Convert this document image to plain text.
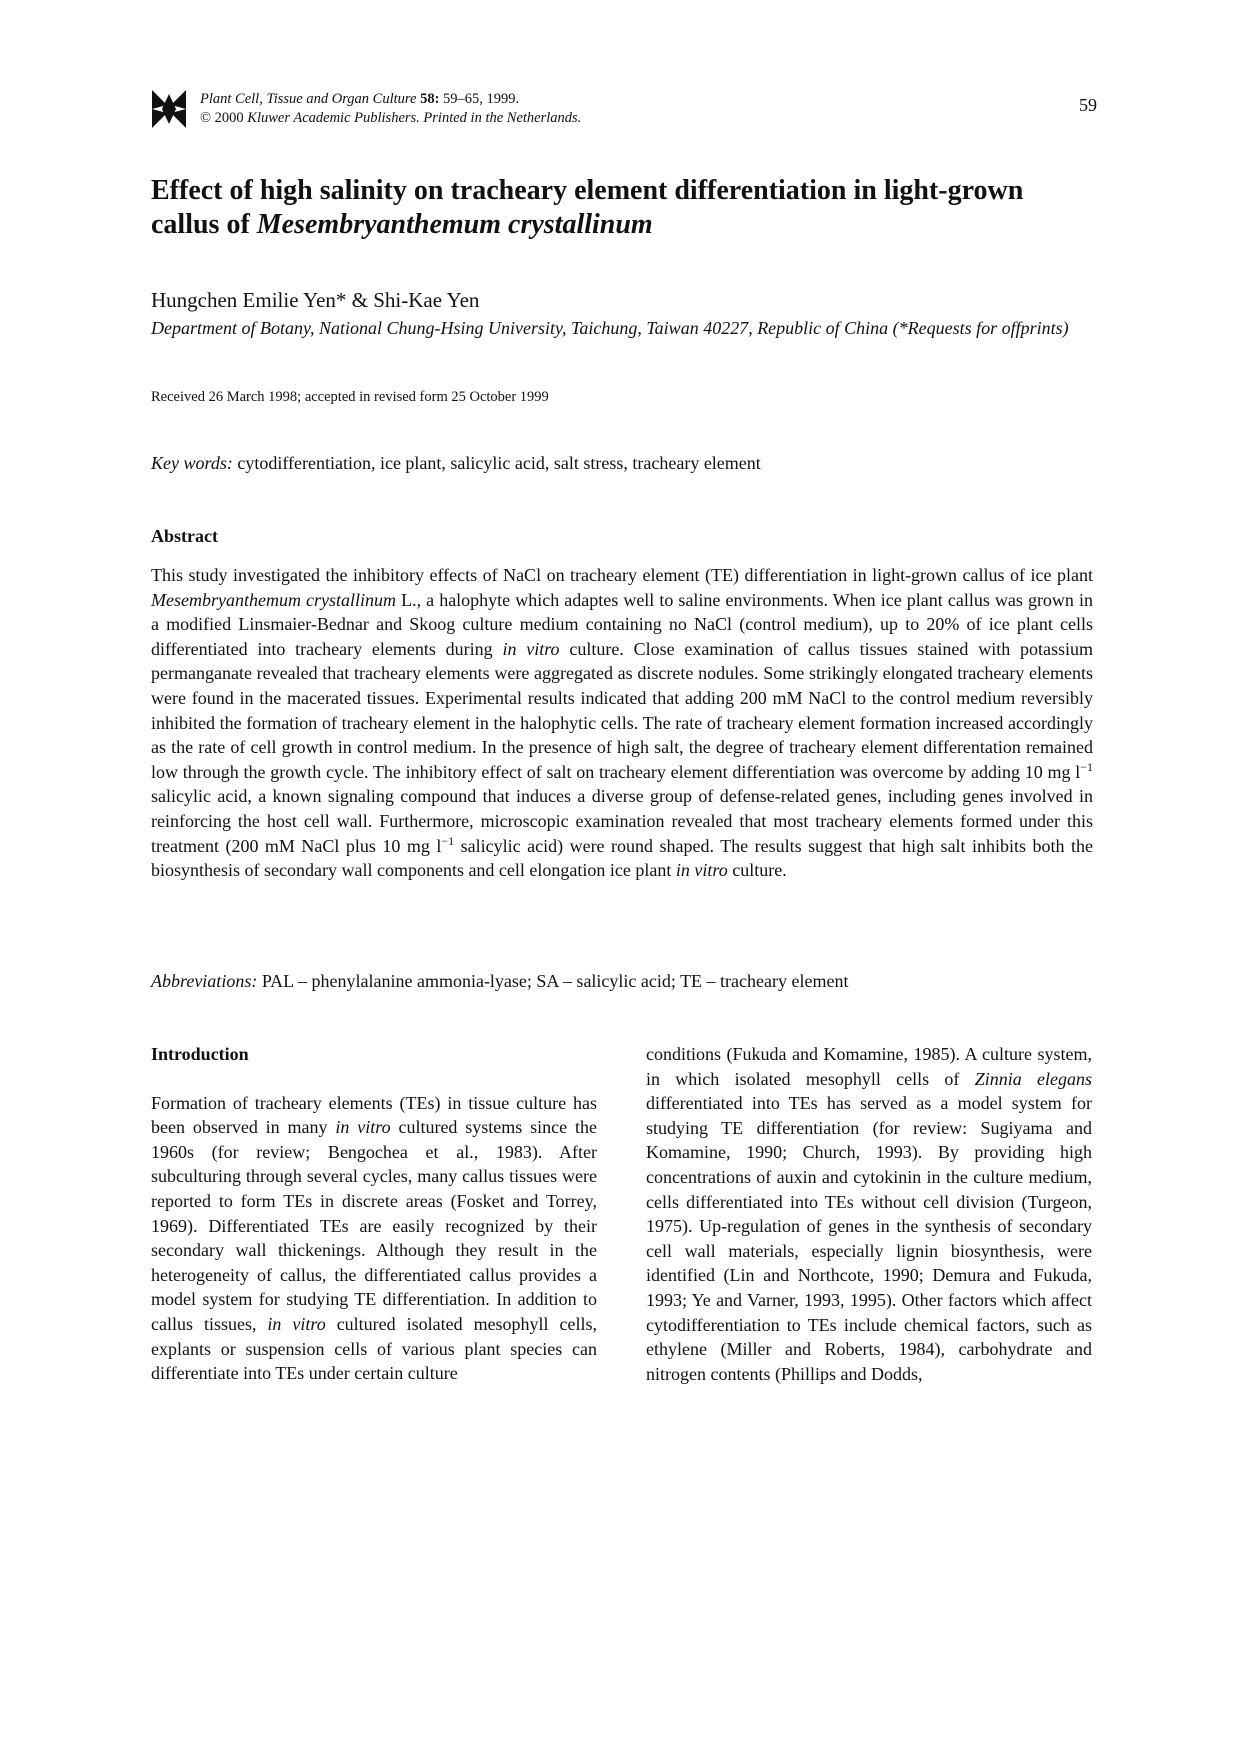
Plant Cell, Tissue and Organ Culture 58: 59–65, 1999.
© 2000 Kluwer Academic Publishers. Printed in the Netherlands.
59
Effect of high salinity on tracheary element differentiation in light-grown callus of Mesembryanthemum crystallinum
Hungchen Emilie Yen* & Shi-Kae Yen
Department of Botany, National Chung-Hsing University, Taichung, Taiwan 40227, Republic of China (*Requests for offprints)
Received 26 March 1998; accepted in revised form 25 October 1999
Key words: cytodifferentiation, ice plant, salicylic acid, salt stress, tracheary element
Abstract

This study investigated the inhibitory effects of NaCl on tracheary element (TE) differentiation in light-grown callus of ice plant Mesembryanthemum crystallinum L., a halophyte which adaptes well to saline environments. When ice plant callus was grown in a modified Linsmaier-Bednar and Skoog culture medium containing no NaCl (control medium), up to 20% of ice plant cells differentiated into tracheary elements during in vitro culture. Close examination of callus tissues stained with potassium permanganate revealed that tracheary elements were aggregated as discrete nodules. Some strikingly elongated tracheary elements were found in the macerated tissues. Experimental results indicated that adding 200 mM NaCl to the control medium reversibly inhibited the formation of tracheary element in the halophytic cells. The rate of tracheary element formation increased accordingly as the rate of cell growth in control medium. In the presence of high salt, the degree of tracheary element differentation remained low through the growth cycle. The inhibitory effect of salt on tracheary element differentiation was overcome by adding 10 mg $l^{-1}$ salicylic acid, a known signaling compound that induces a diverse group of defense-related genes, including genes involved in reinforcing the host cell wall. Furthermore, microscopic examination revealed that most tracheary elements formed under this treatment (200 mM NaCl plus 10 mg $l^{-1}$ salicylic acid) were round shaped. The results suggest that high salt inhibits both the biosynthesis of secondary wall components and cell elongation ice plant in vitro culture.

Abbreviations: PAL – phenylalanine ammonia-lyase; SA – salicylic acid; TE – tracheary element
Introduction

Formation of tracheary elements (TEs) in tissue culture has been observed in many in vitro cultured systems since the 1960s (for review; Bengochea et al., 1983). After subculturing through several cycles, many callus tissues were reported to form TEs in discrete areas (Fosket and Torrey, 1969). Differentiated TEs are easily recognized by their secondary wall thickenings. Although they result in the heterogeneity of callus, the differentiated callus provides a model system for studying TE differentiation. In addition to callus tissues, in vitro cultured isolated mesophyll cells, explants or suspension cells of various plant species can differentiate into TEs under certain culture

conditions (Fukuda and Komamine, 1985). A culture system, in which isolated mesophyll cells of Zinnia elegans differentiated into TEs has served as a model system for studying TE differentiation (for review: Sugiyama and Komamine, 1990; Church, 1993). By providing high concentrations of auxin and cytokinin in the culture medium, cells differentiated into TEs without cell division (Turgeon, 1975). Up-regulation of genes in the synthesis of secondary cell wall materials, especially lignin biosynthesis, were identified (Lin and Northcote, 1990; Demura and Fukuda, 1993; Ye and Varner, 1993, 1995). Other factors which affect cytodifferentiation to TEs include chemical factors, such as ethylene (Miller and Roberts, 1984), carbohydrate and nitrogen contents (Phillips and Dodds,
